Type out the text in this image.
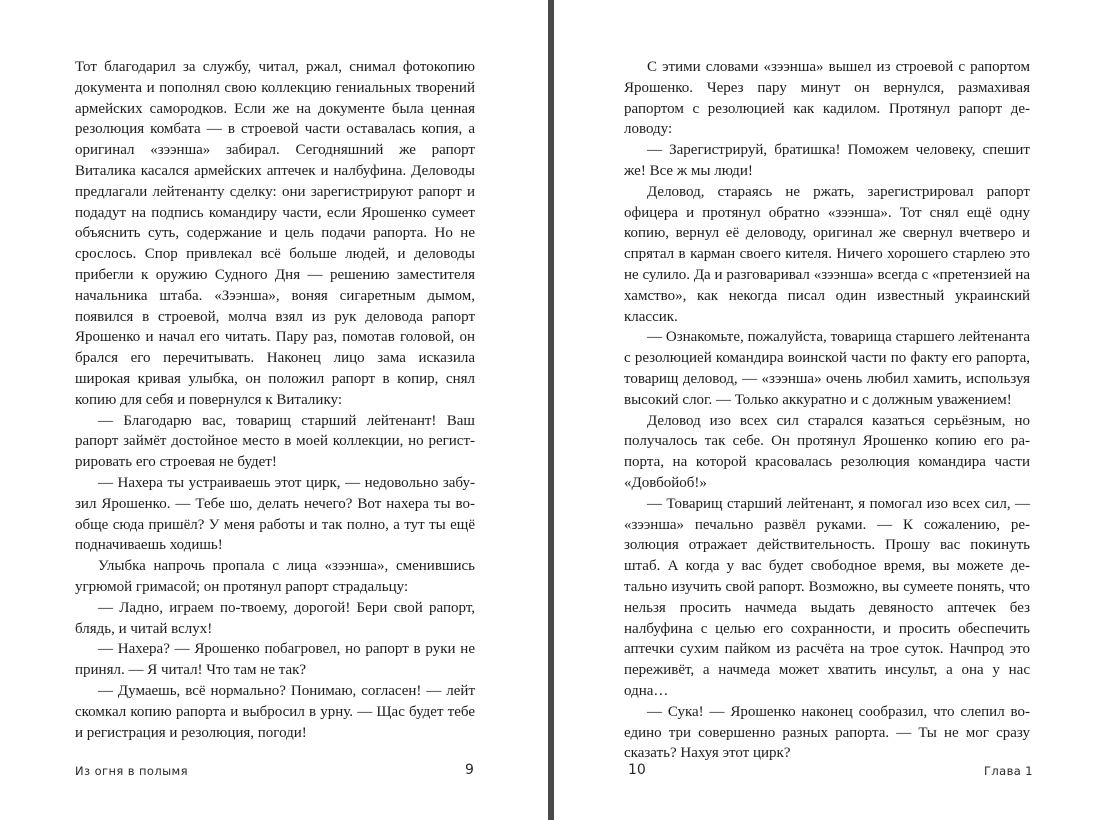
Тот благодарил за службу, читал, ржал, снимал фотокопию документа и пополнял свою коллекцию гениальных творений армейских самородков. Если же на документе была ценная резолюция комбата — в строевой части оставалась копия, а оригинал «зээнша» забирал. Сегодняшний же рапорт Виталика касался армейских аптечек и налбуфина. Деловоды предлагали лейтенанту сделку: они зарегистрируют рапорт и подадут на подпись командиру части, если Ярошенко сумеет объяснить суть, содержание и цель подачи рапорта. Но не срослось. Спор привлекал всё больше людей, и деловоды прибегли к оружию Судного Дня — решению заместителя начальника штаба. «Зээнша», воняя сигаретным дымом, появился в строевой, молча взял из рук деловода рапорт Ярошенко и начал его читать. Пару раз, помотав головой, он брался его перечитывать. Наконец лицо зама исказила широкая кривая улыбка, он положил рапорт в копир, снял копию для себя и повернулся к Виталику:

— Благодарю вас, товарищ старший лейтенант! Ваш рапорт займёт достойное место в моей коллекции, но регистрировать его строевая не будет!

— Нахера ты устраиваешь этот цирк, — недовольно забузил Ярошенко. — Тебе шо, делать нечего? Вот нахера ты вообще сюда пришёл? У меня работы и так полно, а тут ты ещё подначиваешь ходишь!

Улыбка напрочь пропала с лица «зээнша», сменившись угрюмой гримасой; он протянул рапорт страдальцу:

— Ладно, играем по-твоему, дорогой! Бери свой рапорт, блядь, и читай вслух!

— Нахера? — Ярошенко побагровел, но рапорт в руки не принял. — Я читал! Что там не так?

— Думаешь, всё нормально? Понимаю, согласен! — лейт скомкал копию рапорта и выбросил в урну. — Щас будет тебе и регистрация и резолюция, погоди!

Из огня в полымя	9

С этими словами «зээнша» вышел из строевой с рапортом Ярошенко. Через пару минут он вернулся, размахивая рапортом с резолюцией как кадилом. Протянул рапорт деловоду:

— Зарегистрируй, братишка! Поможем человеку, спешит же! Все ж мы люди!

Деловод, стараясь не ржать, зарегистрировал рапорт офицера и протянул обратно «зээнша». Тот снял ещё одну копию, вернул её деловоду, оригинал же свернул вчетверо и спрятал в карман своего кителя. Ничего хорошего старлею это не сулило. Да и разговаривал «зээнша» всегда с «претензией на хамство», как некогда писал один известный украинский классик.

— Ознакомьте, пожалуйста, товарища старшего лейтенанта с резолюцией командира воинской части по факту его рапорта, товарищ деловод, — «зээнша» очень любил хамить, используя высокий слог. — Только аккуратно и с должным уважением!

Деловод изо всех сил старался казаться серьёзным, но получалось так себе. Он протянул Ярошенко копию его рапорта, на которой красовалась резолюция командира части «Довбойоб!»

— Товарищ старший лейтенант, я помогал изо всех сил, — «зээнша» печально развёл руками. — К сожалению, резолюция отражает действительность. Прошу вас покинуть штаб. А когда у вас будет свободное время, вы можете детально изучить свой рапорт. Возможно, вы сумеете понять, что нельзя просить начмеда выдать девяносто аптечек без налбуфина с целью его сохранности, и просить обеспечить аптечки сухим пайком из расчёта на трое суток. Начпрод это переживёт, а начмеда может хватить инсульт, а она у нас одна…

— Сука! — Ярошенко наконец сообразил, что слепил воедино три совершенно разных рапорта. — Ты не мог сразу сказать? Нахуя этот цирк?

10	Глава 1
